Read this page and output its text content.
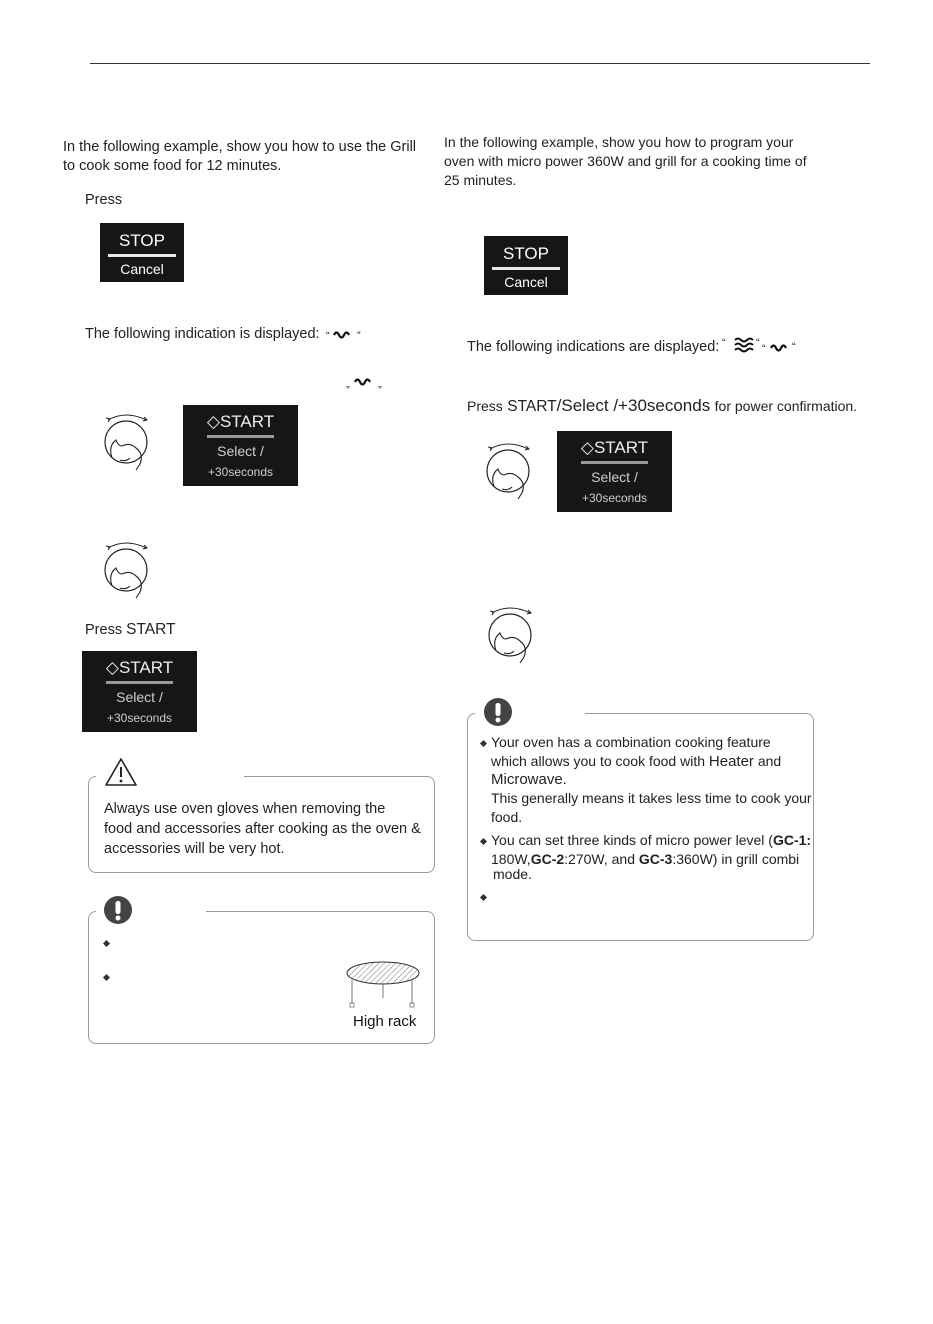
In the following example, show you how to use the Grill
to cook some food for 12 minutes.
Press
STOP
Cancel
The following indication is displayed: “ ”
„	„
◇START
Select /
+30seconds
Press START
◇START
Select /
+30seconds
Always use oven gloves when removing the
food and accessories after cooking as the oven &
accessories will be very hot.
High rack
In the following example, show you how to program your
oven with micro power 360W and grill for a cooking time of
25 minutes.
STOP
Cancel
The following indications are displayed: “	“ “ “
Press START/Select /+30seconds for power confirmation.
◇START
Select /
+30seconds
Your oven has a combination cooking feature
which allows you to cook food with Heater and
Microwave.
This generally means it takes less time to cook your
food.
You can set three kinds of micro power level (GC-1:
180W,GC-2:270W, and GC-3:360W) in grill combi
mode.
